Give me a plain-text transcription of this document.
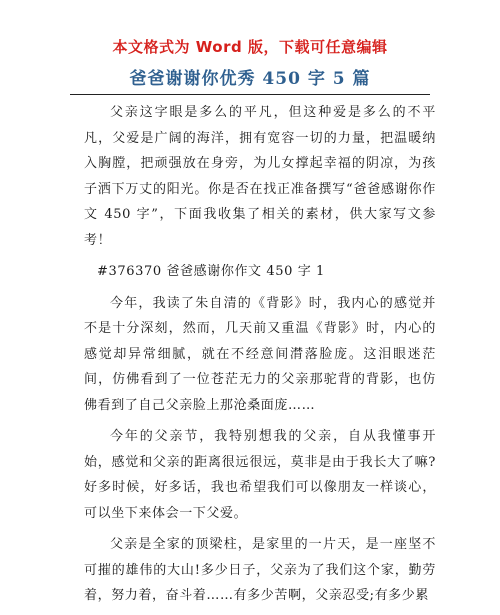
本文格式为 Word 版，下载可任意编辑
爸爸谢谢你优秀 450 字 5 篇

父亲这字眼是多么的平凡，但这种爱是多么的不平凡，父爱是广阔的海洋，拥有宽容一切的力量，把温暖纳入胸膛，把顽强放在身旁，为儿女撑起幸福的阴凉，为孩子洒下万丈的阳光。你是否在找正准备撰写“爸爸感谢你作文 450 字”，下面我收集了相关的素材，供大家写文参考！

#376370 爸爸感谢你作文 450 字 1

今年，我读了朱自清的《背影》时，我内心的感觉并不是十分深刻，然而，几天前又重温《背影》时，内心的感觉却异常细腻，就在不经意间潸落脸庞。这泪眼迷茫间，仿佛看到了一位苍茫无力的父亲那驼背的背影，也仿佛看到了自己父亲脸上那沧桑面庞……

今年的父亲节，我特别想我的父亲，自从我懂事开始，感觉和父亲的距离很远很远，莫非是由于我长大了嘛?好多时候，好多话，我也希望我们可以像朋友一样谈心，可以坐下来体会一下父爱。

父亲是全家的顶梁柱，是家里的一片天，是一座坚不可摧的雄伟的大山!多少日子，父亲为了我们这个家，勤劳着，努力着，奋斗着……有多少苦啊，父亲忍受;有多少累
